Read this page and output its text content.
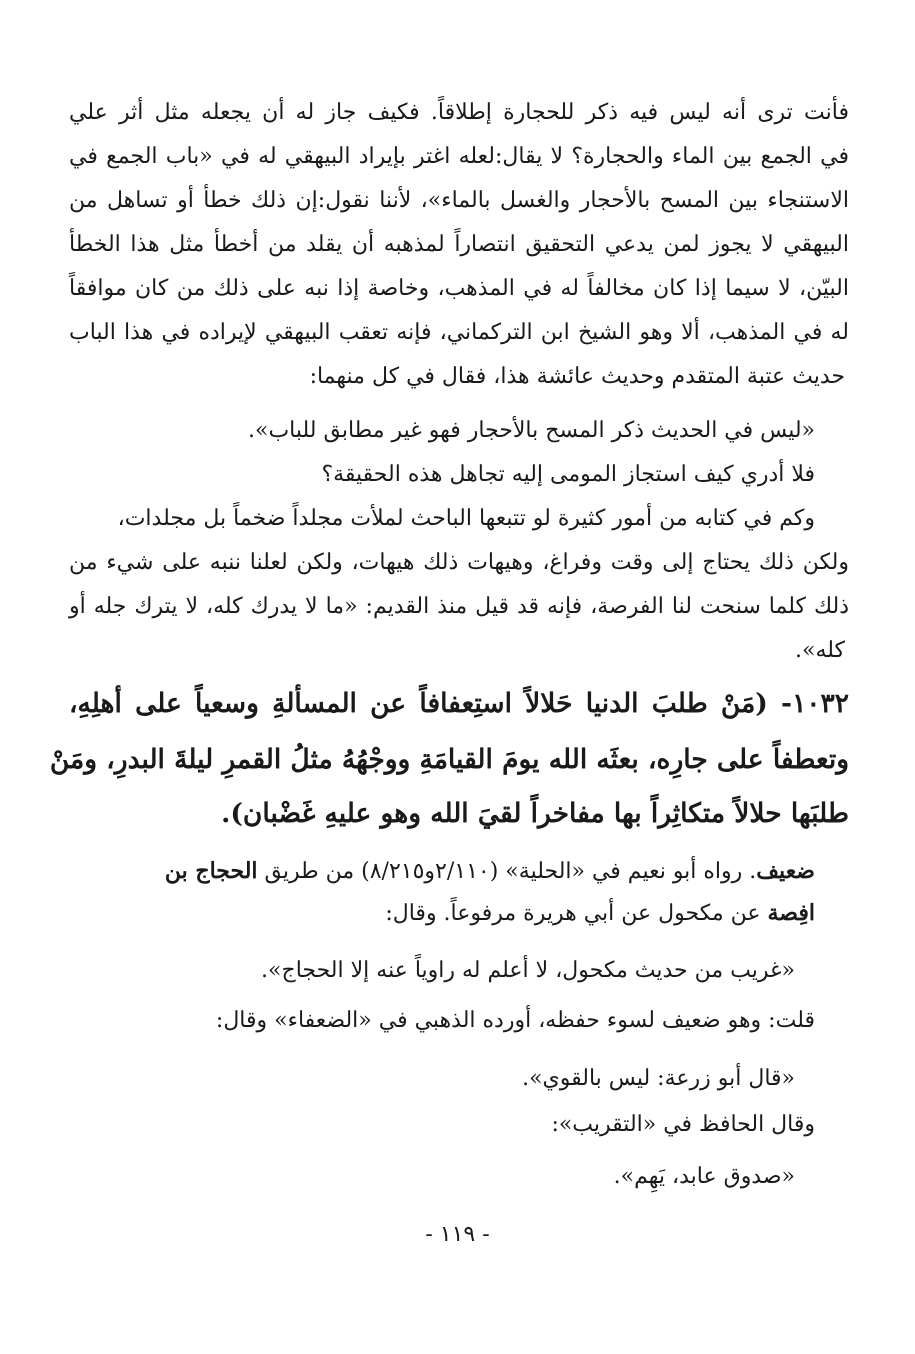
فأنت ترى أنه ليس فيه ذكر للحجارة إطلاقاً. فكيف جاز له أن يجعله مثل أثر علي
في الجمع بين الماء والحجارة؟ لا يقال:لعله اغتر بإيراد البيهقي له في «باب الجمع في
الاستنجاء بين المسح بالأحجار والغسل بالماء»، لأننا نقول:إن ذلك خطأ أو تساهل من
البيهقي لا يجوز لمن يدعي التحقيق انتصاراً لمذهبه أن يقلد من أخطأ مثل هذا الخطأ
البيّن، لا سيما إذا كان مخالفاً له في المذهب، وخاصة إذا نبه على ذلك من كان موافقاً
له في المذهب، ألا وهو الشيخ ابن التركماني، فإنه تعقب البيهقي لإيراده في هذا الباب
حديث عتبة المتقدم وحديث عائشة هذا، فقال في كل منهما:
«ليس في الحديث ذكر المسح بالأحجار فهو غير مطابق للباب».
فلا أدري كيف استجاز المومى إليه تجاهل هذه الحقيقة؟
وكم في كتابه من أمور كثيرة لو تتبعها الباحث لملأت مجلداً ضخماً بل مجلدات،
ولكن ذلك يحتاج إلى وقت وفراغ، وهيهات ذلك هيهات، ولكن لعلنا ننبه على شيء من
ذلك كلما سنحت لنا الفرصة، فإنه قد قيل منذ القديم: «ما لا يدرك كله، لا يترك جله أو
كله».
١٠٣٢- (مَنْ طلبَ الدنيا حَلالاً استِعفافاً عن المسألةِ وسعياً على أهلِهِ،
وتعطفاً على جارِه، بعثَه الله يومَ القيامَةِ ووجْهُهُ مثلُ القمرِ ليلةَ البدرِ، ومَنْ
طلبَها حلالاً متكاثِراً بها مفاخراً لقيَ الله وهو عليهِ غَضْبان).
ضعيف. رواه أبو نعيم في «الحلية» (٢/١١٠و٨/٢١٥) من طريق الحجاج بن
افِصة عن مكحول عن أبي هريرة مرفوعاً. وقال:
«غريب من حديث مكحول، لا أعلم له راوياً عنه إلا الحجاج».
قلت: وهو ضعيف لسوء حفظه، أورده الذهبي في «الضعفاء» وقال:
«قال أبو زرعة: ليس بالقوي».
وقال الحافظ في «التقريب»:
«صدوق عابد، يَهِم».
- ١١٩ -
